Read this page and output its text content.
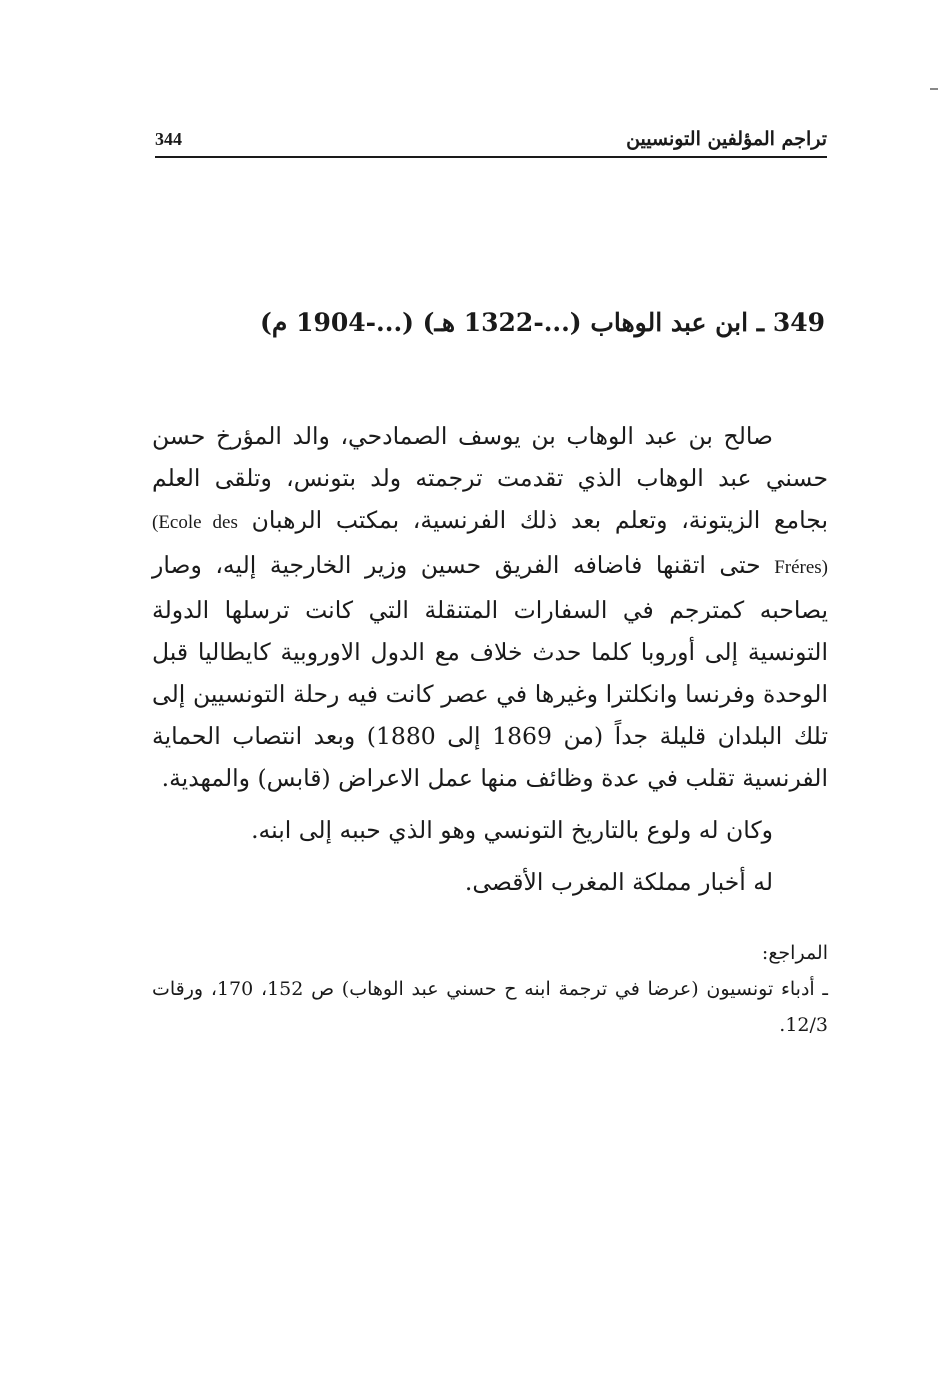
تراجم المؤلفين التونسيين
344
349 ـ ابن عبد الوهاب (...-1322 هـ) (...-1904 م)

صالح بن عبد الوهاب بن يوسف الصمادحي، والد المؤرخ حسن حسني عبد الوهاب الذي تقدمت ترجمته ولد بتونس، وتلقى العلم بجامع الزيتونة، وتعلم بعد ذلك الفرنسية، بمكتب الرهبان (Ecole des Fréres) حتى اتقنها فاضافه الفريق حسين وزير الخارجية إليه، وصار يصاحبه كمترجم في السفارات المتنقلة التي كانت ترسلها الدولة التونسية إلى أوروبا كلما حدث خلاف مع الدول الاوروبية كايطاليا قبل الوحدة وفرنسا وانكلترا وغيرها في عصر كانت فيه رحلة التونسيين إلى تلك البلدان قليلة جداً (من 1869 إلى 1880) وبعد انتصاب الحماية الفرنسية تقلب في عدة وظائف منها عمل الاعراض (قابس) والمهدية.

وكان له ولوع بالتاريخ التونسي وهو الذي حببه إلى ابنه.

له أخبار مملكة المغرب الأقصى.

المراجع:

ـ أدباء تونسيون (عرضا في ترجمة ابنه ح حسني عبد الوهاب) ص 152، 170، ورقات 12/3.
